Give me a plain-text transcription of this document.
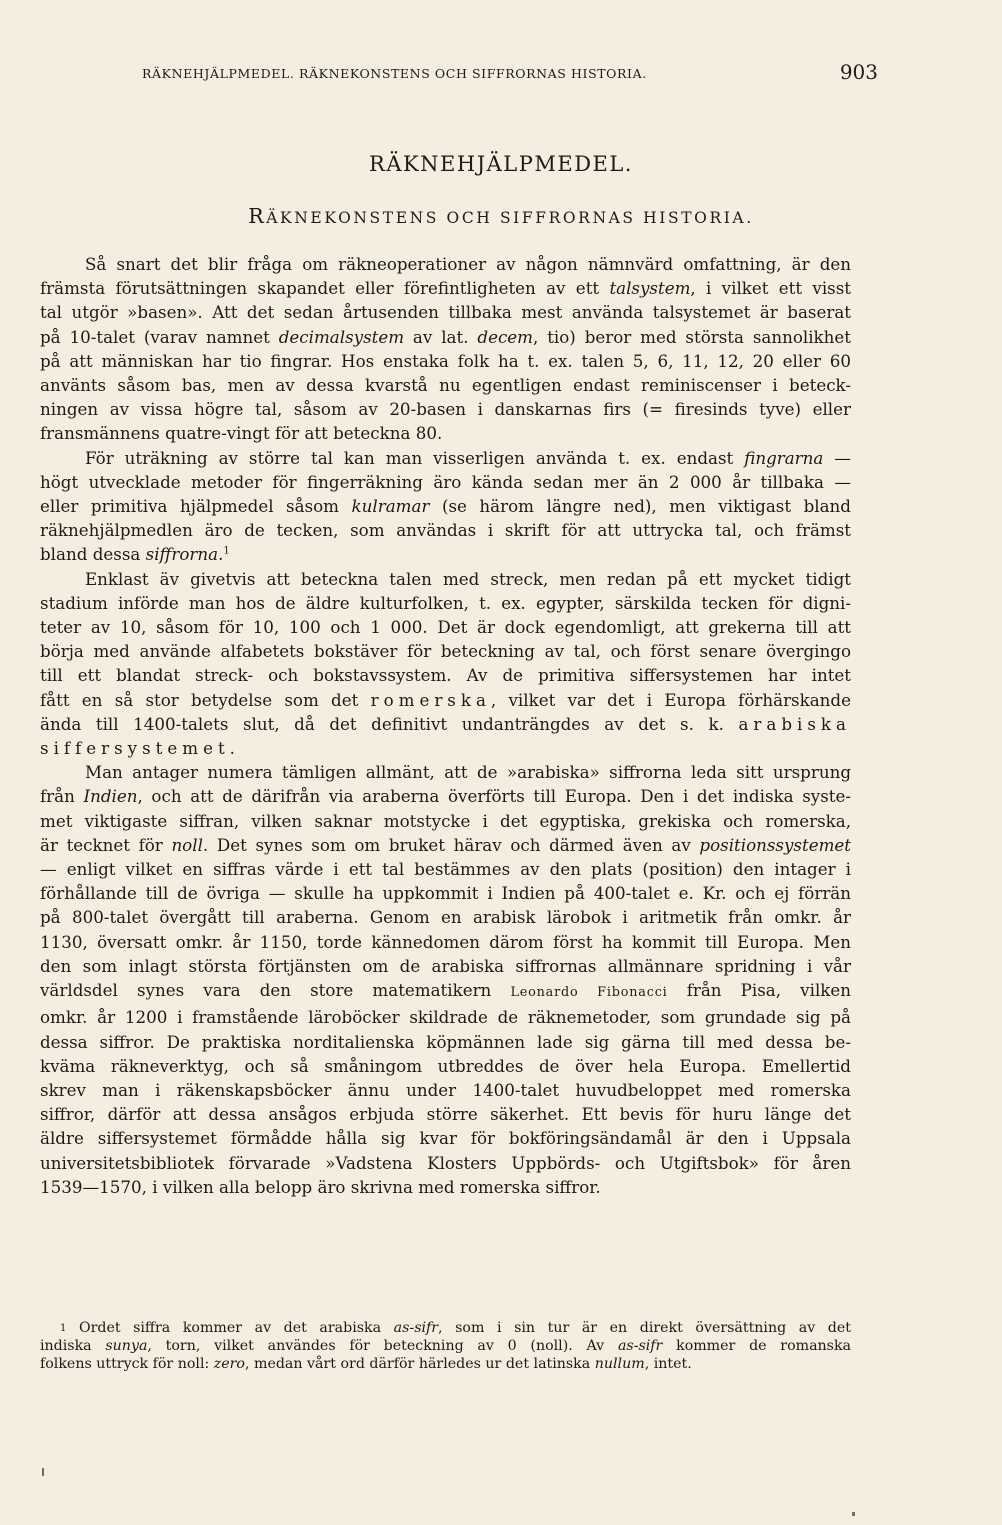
RÄKNEHJÄLPMEDEL. RÄKNEKONSTENS OCH SIFFRORNAS HISTORIA.	903
RÄKNEHJÄLPMEDEL.
RÄKNEKONSTENS OCH SIFFRORNAS HISTORIA.
Så snart det blir fråga om räkneoperationer av någon nämnvärd omfattning, är den
främsta förutsättningen skapandet eller förefintligheten av ett talsystem, i vilket ett visst
tal utgör »basen». Att det sedan årtusenden tillbaka mest använda talsystemet är baserat
på 10-talet (varav namnet decimalsystem av lat. decem, tio) beror med största sannolikhet
på att människan har tio fingrar. Hos enstaka folk ha t. ex. talen 5, 6, 11, 12, 20 eller 60
använts såsom bas, men av dessa kvarstå nu egentligen endast reminiscenser i beteck-
ningen av vissa högre tal, såsom av 20-basen i danskarnas firs (= firesinds tyve) eller
fransmännens quatre-vingt för att beteckna 80.
För uträkning av större tal kan man visserligen använda t. ex. endast fingrarna —
högt utvecklade metoder för fingerräkning äro kända sedan mer än 2 000 år tillbaka —
eller primitiva hjälpmedel såsom kulramar (se härom längre ned), men viktigast bland
räknehjälpmedlen äro de tecken, som användas i skrift för att uttrycka tal, och främst
bland dessa siffrorna.$^1$
Enklast äv givetvis att beteckna talen med streck, men redan på ett mycket tidigt
stadium införde man hos de äldre kulturfolken, t. ex. egypter, särskilda tecken för digni-
teter av 10, såsom för 10, 100 och 1 000. Det är dock egendomligt, att grekerna till att
börja med använde alfabetets bokstäver för beteckning av tal, och först senare övergingo
till ett blandat streck- och bokstavssystem. Av de primitiva siffersystemen har intet
fått en så stor betydelse som det romerska, vilket var det i Europa förhärskande
ända till 1400-talets slut, då det definitivt undanträngdes av det s. k. arabiska
siffersystemet.
Man antager numera tämligen allmänt, att de »arabiska» siffrorna leda sitt ursprung
från Indien, och att de därifrån via araberna överförts till Europa. Den i det indiska syste-
met viktigaste siffran, vilken saknar motstycke i det egyptiska, grekiska och romerska,
är tecknet för noll. Det synes som om bruket härav och därmed även av positionssystemet
— enligt vilket en siffras värde i ett tal bestämmes av den plats (position) den intager i
förhållande till de övriga — skulle ha uppkommit i Indien på 400-talet e. Kr. och ej förrän
på 800-talet övergått till araberna. Genom en arabisk lärobok i aritmetik från omkr. år
1130, översatt omkr. år 1150, torde kännedomen därom först ha kommit till Europa. Men
den som inlagt största förtjänsten om de arabiska siffrornas allmännare spridning i vår
världsdel synes vara den store matematikern Leonardo Fibonacci från Pisa, vilken
omkr. år 1200 i framstående läroböcker skildrade de räknemetoder, som grundade sig på
dessa siffror. De praktiska norditalienska köpmännen lade sig gärna till med dessa be-
kväma räkneverktyg, och så småningom utbreddes de över hela Europa. Emellertid
skrev man i räkenskapsböcker ännu under 1400-talet huvudbeloppet med romerska
siffror, därför att dessa ansågos erbjuda större säkerhet. Ett bevis för huru länge det
äldre siffersystemet förmådde hålla sig kvar för bokföringsändamål är den i Uppsala
universitetsbibliotek förvarade »Vadstena Klosters Uppbörds- och Utgiftsbok» för åren
1539—1570, i vilken alla belopp äro skrivna med romerska siffror.
$^1$ Ordet siffra kommer av det arabiska as-sifr, som i sin tur är en direkt översättning av det
indiska sunya, torn, vilket användes för beteckning av 0 (noll). Av as-sifr kommer de romanska
folkens uttryck för noll: zero, medan vårt ord därför härledes ur det latinska nullum, intet.
